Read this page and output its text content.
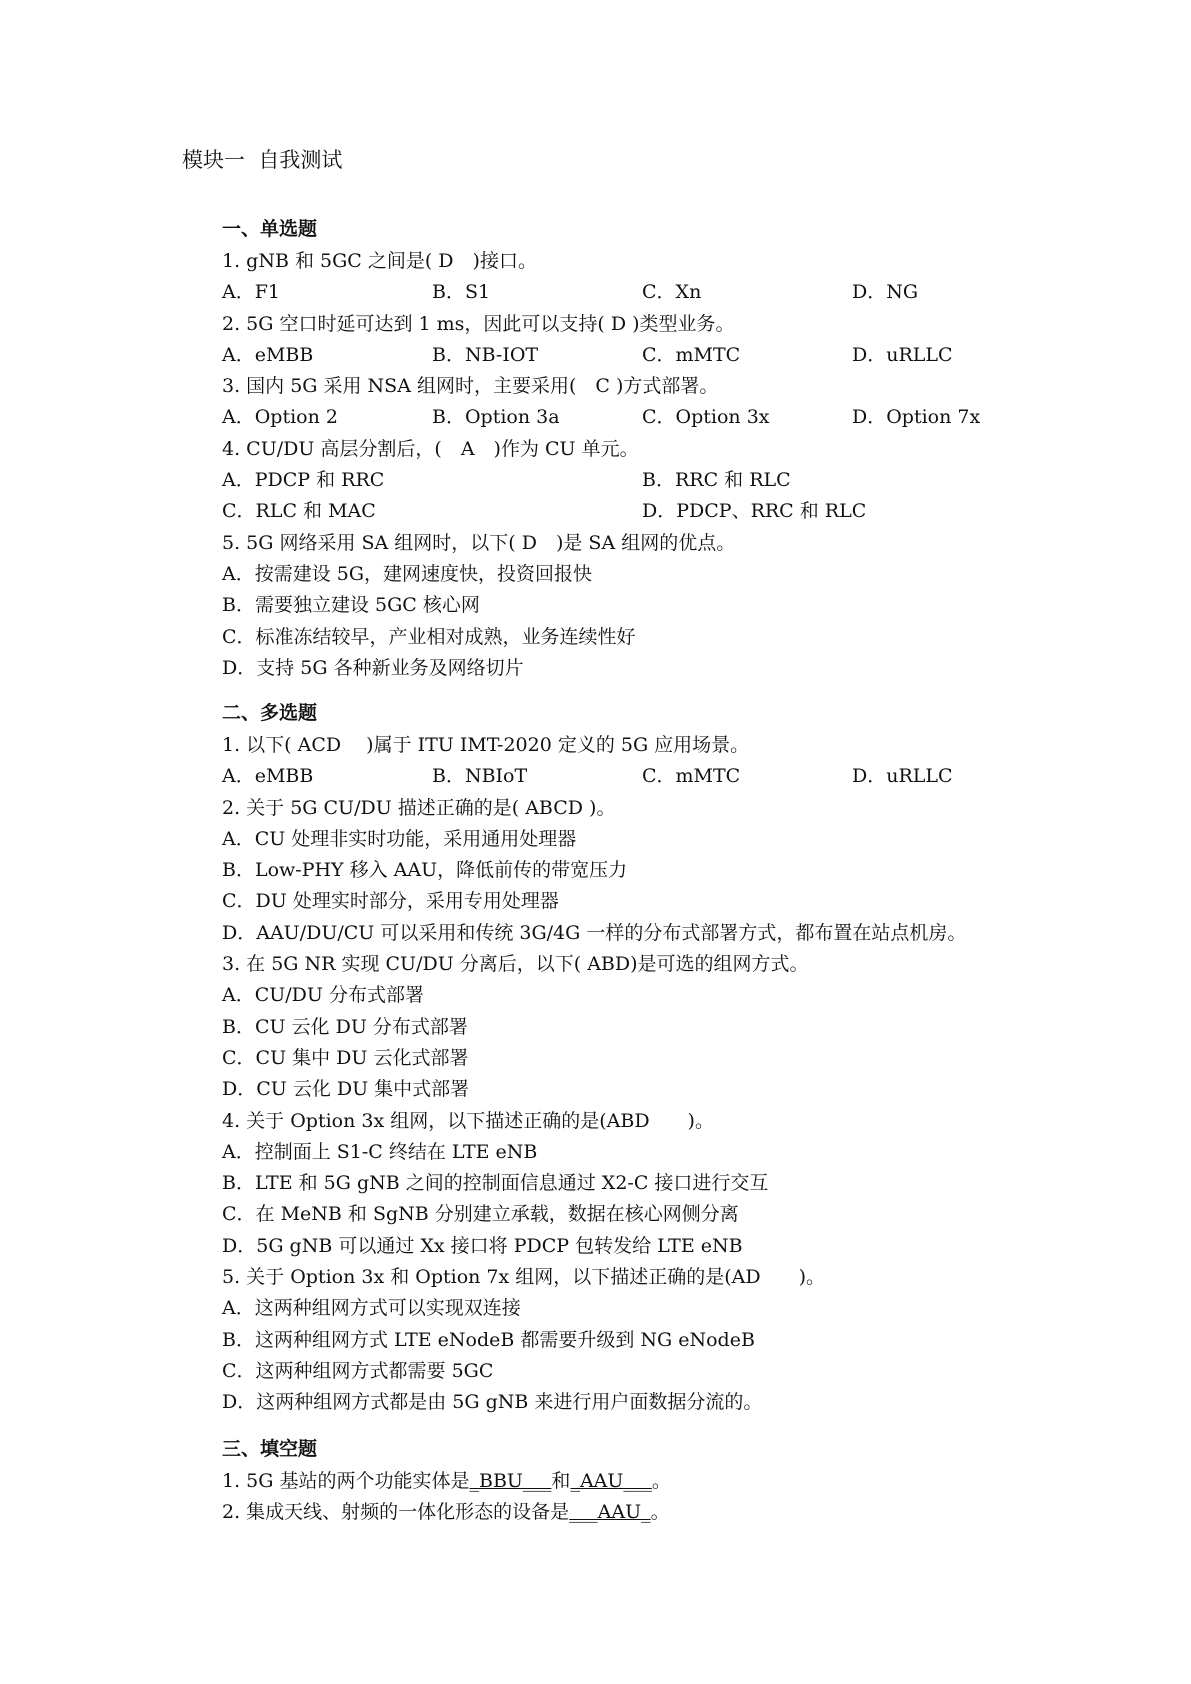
模块一  自我测试
一、单选题
1. gNB 和 5GC 之间是( D　)接口。
A．F1	B．S1	C．Xn	D．NG
2. 5G 空口时延可达到 1 ms，因此可以支持( D )类型业务。
A．eMBB	B．NB-IOT	C．mMTC	D．uRLLC
3. 国内 5G 采用 NSA 组网时，主要采用(　C )方式部署。
A．Option 2	B．Option 3a	C．Option 3x	D．Option 7x
4. CU/DU 高层分割后，(　A　)作为 CU 单元。
A．PDCP 和 RRC	B．RRC 和 RLC
C．RLC 和 MAC	D．PDCP、RRC 和 RLC
5. 5G 网络采用 SA 组网时，以下( D　)是 SA 组网的优点。
A．按需建设 5G，建网速度快，投资回报快
B．需要独立建设 5GC 核心网
C．标准冻结较早，产业相对成熟，业务连续性好
D．支持 5G 各种新业务及网络切片
二、多选题
1. 以下( ACD　 )属于 ITU IMT-2020 定义的 5G 应用场景。
A．eMBB	B．NBIoT	C．mMTC	D．uRLLC
2. 关于 5G CU/DU 描述正确的是( ABCD )。
A．CU 处理非实时功能，采用通用处理器
B．Low-PHY 移入 AAU，降低前传的带宽压力
C．DU 处理实时部分，采用专用处理器
D．AAU/DU/CU 可以采用和传统 3G/4G 一样的分布式部署方式，都布置在站点机房。
3. 在 5G NR 实现 CU/DU 分离后，以下( ABD)是可选的组网方式。
A．CU/DU 分布式部署
B．CU 云化 DU 分布式部署
C．CU 集中 DU 云化式部署
D．CU 云化 DU 集中式部署
4. 关于 Option 3x 组网，以下描述正确的是(ABD　　)。
A．控制面上 S1-C 终结在 LTE eNB
B．LTE 和 5G gNB 之间的控制面信息通过 X2-C 接口进行交互
C．在 MeNB 和 SgNB 分别建立承载，数据在核心网侧分离
D．5G gNB 可以通过 Xx 接口将 PDCP 包转发给 LTE eNB
5. 关于 Option 3x 和 Option 7x 组网，以下描述正确的是(AD　　)。
A．这两种组网方式可以实现双连接
B．这两种组网方式 LTE eNodeB 都需要升级到 NG eNodeB
C．这两种组网方式都需要 5GC
D．这两种组网方式都是由 5G gNB 来进行用户面数据分流的。
三、填空题
1. 5G 基站的两个功能实体是_BBU___和_AAU___。
2. 集成天线、射频的一体化形态的设备是___AAU_。
